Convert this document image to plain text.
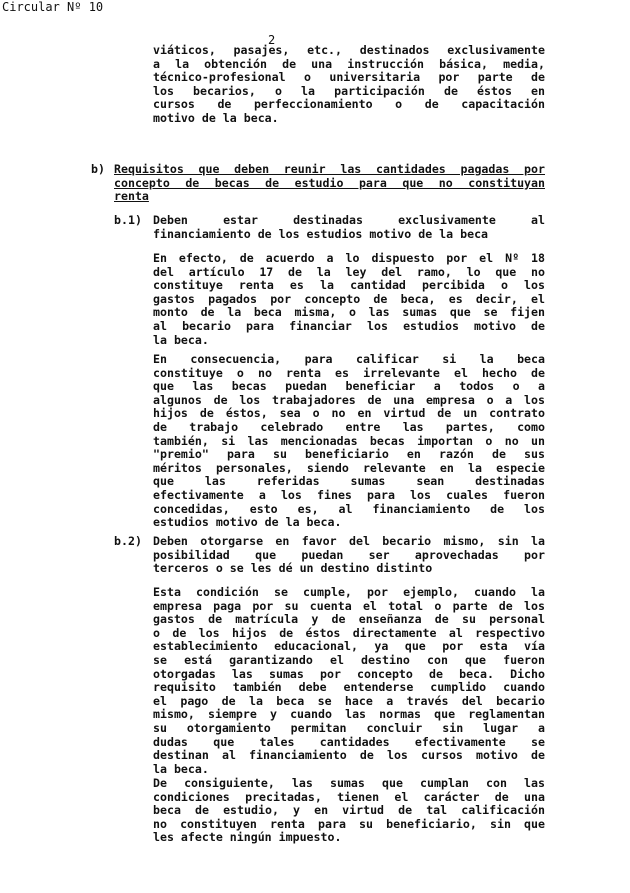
Circular Nº 10
2
viáticos, pasajes, etc., destinados exclusivamente
a la obtención de una instrucción básica, media,
técnico-profesional o universitaria por parte de
los becarios, o la participación de éstos en
cursos de perfeccionamiento o de capacitación
motivo de la beca.
b) Requisitos que deben reunir las cantidades pagadas por
concepto de becas de estudio para que no constituyan
renta
b.1) Deben estar destinadas exclusivamente al
financiamiento de los estudios motivo de la beca
En efecto, de acuerdo a lo dispuesto por el Nº 18
del artículo 17 de la ley del ramo, lo que no
constituye renta es la cantidad percibida o los
gastos pagados por concepto de beca, es decir, el
monto de la beca misma, o las sumas que se fijen
al becario para financiar los estudios motivo de
la beca.
En consecuencia, para calificar si la beca
constituye o no renta es irrelevante el hecho de
que las becas puedan beneficiar a todos o a
algunos de los trabajadores de una empresa o a los
hijos de éstos, sea o no en virtud de un contrato
de trabajo celebrado entre las partes, como
también, si las mencionadas becas importan o no un
"premio" para su beneficiario en razón de sus
méritos personales, siendo relevante en la especie
que las referidas sumas sean destinadas
efectivamente a los fines para los cuales fueron
concedidas, esto es, al financiamiento de los
estudios motivo de la beca.
b.2) Deben otorgarse en favor del becario mismo, sin la
posibilidad que puedan ser aprovechadas por
terceros o se les dé un destino distinto
Esta condición se cumple, por ejemplo, cuando la
empresa paga por su cuenta el total o parte de los
gastos de matrícula y de enseñanza de su personal
o de los hijos de éstos directamente al respectivo
establecimiento educacional, ya que por esta vía
se está garantizando el destino con que fueron
otorgadas las sumas por concepto de beca. Dicho
requisito también debe entenderse cumplido cuando
el pago de la beca se hace a través del becario
mismo, siempre y cuando las normas que reglamentan
su otorgamiento permitan concluir sin lugar a
dudas que tales cantidades efectivamente se
destinan al financiamiento de los cursos motivo de
la beca.
De consiguiente, las sumas que cumplan con las
condiciones precitadas, tienen el carácter de una
beca de estudio, y en virtud de tal calificación
no constituyen renta para su beneficiario, sin que
les afecte ningún impuesto.
